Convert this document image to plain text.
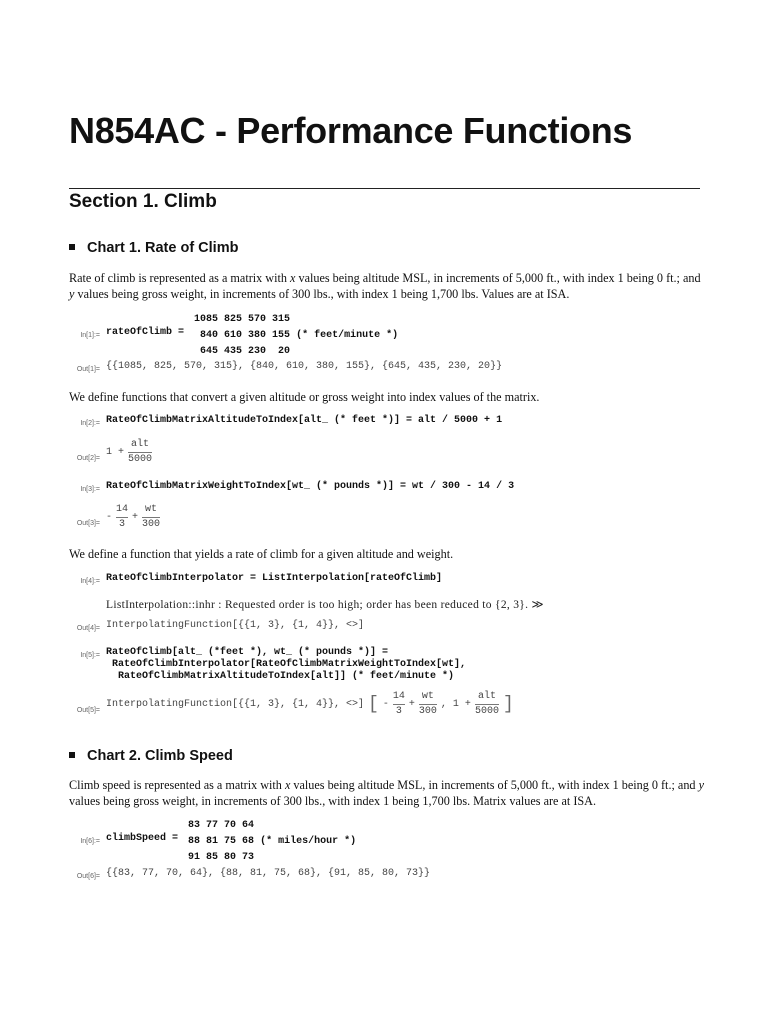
N854AC - Performance Functions
Section 1. Climb
Chart 1. Rate of Climb
Rate of climb is represented as a matrix with x values being altitude MSL, in increments of 5,000 ft., with index 1 being 0 ft.; and
y values being gross weight, in increments of 300 lbs., with index 1 being 1,700 lbs. Values are at ISA.
In[1]:= rateOfClimb =
1085	825	570	315	
840	610	380	155	(* feet/minute *)
645	435	230	20	
Out[1]= {{1085, 825, 570, 315}, {840, 610, 380, 155}, {645, 435, 230, 20}}
We define functions that convert a given altitude or gross weight into index values of the matrix.
In[2]:= RateOfClimbMatrixAltitudeToIndex[alt_ (* feet *)] = alt / 5000 + 1
Out[2]=
$1 + \frac{\text{alt}}{5000}$
In[3]:= RateOfClimbMatrixWeightToIndex[wt_ (* pounds *)] = wt / 300 - 14 / 3
Out[3]=
- $\frac{14}{3} + \frac{wt}{300}$
We define a function that yields a rate of climb for a given altitude and weight.
In[4]:= RateOfClimbInterpolator = ListInterpolation[rateOfClimb]
ListInterpolation::inhr : Requested order is too high; order has been reduced to {2, 3}. ≫
Out[4]= InterpolatingFunction[{{1, 3}, {1, 4}}, <>]
In[5]:= RateOfClimb[alt_ (*feet *), wt_ (* pounds *)] =
RateOfClimbInterpolator[RateOfClimbMatrixWeightToIndex[wt],
RateOfClimbMatrixAltitudeToIndex[alt]] (* feet/minute *)
Out[5]=
InterpolatingFunction[{{1, 3}, {1, 4}}, <>] [ - $\frac{14}{3} + \frac{wt}{300}$ , $1 + \frac{\text{alt}}{5000}$ ]
Chart 2. Climb Speed
Climb speed is represented as a matrix with x values being altitude MSL, in increments of 5,000 ft., with index 1 being 0 ft.; and y
values being gross weight, in increments of 300 lbs., with index 1 being 1,700 lbs. Matrix values are at ISA.
In[6]:= climbSpeed =
83	77	70	64	
88	81	75	68	(* miles/hour *)
91	85	80	73	
Out[6]= {{83, 77, 70, 64}, {88, 81, 75, 68}, {91, 85, 80, 73}}
